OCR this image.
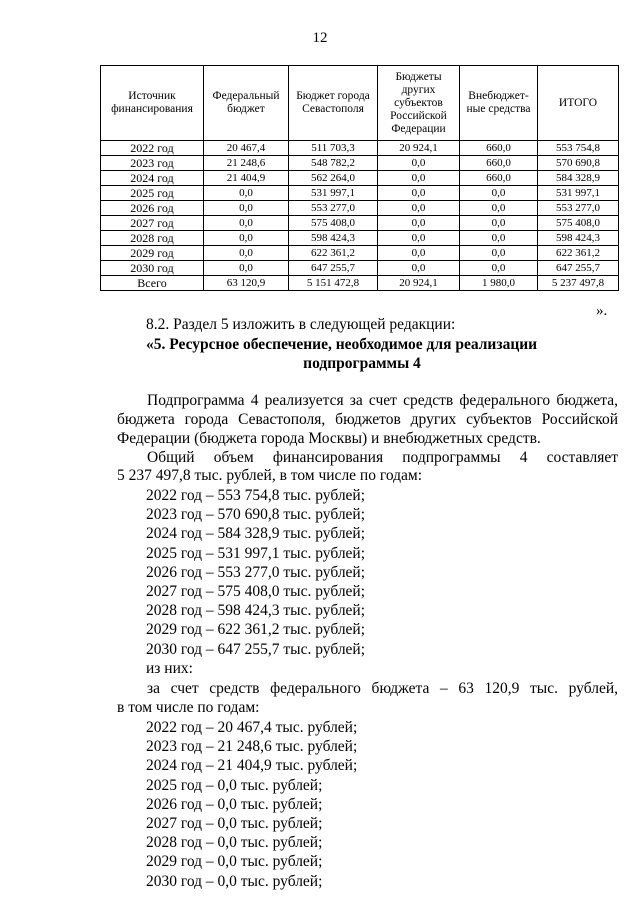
12
Источник финансирования	Федеральный бюджет	Бюджет города Севастополя	Бюджеты других субъектов Российской Федерации	Внебюджет-ные средства	ИТОГО
2022 год	20 467,4	511 703,3	20 924,1	660,0	553 754,8
2023 год	21 248,6	548 782,2	0,0	660,0	570 690,8
2024 год	21 404,9	562 264,0	0,0	660,0	584 328,9
2025 год	0,0	531 997,1	0,0	0,0	531 997,1
2026 год	0,0	553 277,0	0,0	0,0	553 277,0
2027 год	0,0	575 408,0	0,0	0,0	575 408,0
2028 год	0,0	598 424,3	0,0	0,0	598 424,3
2029 год	0,0	622 361,2	0,0	0,0	622 361,2
2030 год	0,0	647 255,7	0,0	0,0	647 255,7
Всего	63 120,9	5 151 472,8	20 924,1	1 980,0	5 237 497,8
».

8.2. Раздел 5 изложить в следующей редакции:

«5. Ресурсное обеспечение, необходимое для реализации
подпрограммы 4

Подпрограмма 4 реализуется за счет средств федерального бюджета, бюджета города Севастополя, бюджетов других субъектов Российской Федерации (бюджета города Москвы) и внебюджетных средств.

Общий объем финансирования подпрограммы 4 составляет

5 237 497,8 тыс. рублей, в том числе по годам:

2022 год – 553 754,8 тыс. рублей;
2023 год – 570 690,8 тыс. рублей;
2024 год – 584 328,9 тыс. рублей;
2025 год – 531 997,1 тыс. рублей;
2026 год – 553 277,0 тыс. рублей;
2027 год – 575 408,0 тыс. рублей;
2028 год – 598 424,3 тыс. рублей;
2029 год – 622 361,2 тыс. рублей;
2030 год – 647 255,7 тыс. рублей;

из них:

за счет средств федерального бюджета – 63 120,9 тыс. рублей,

в том числе по годам:

2022 год – 20 467,4 тыс. рублей;
2023 год – 21 248,6 тыс. рублей;
2024 год – 21 404,9 тыс. рублей;
2025 год – 0,0 тыс. рублей;
2026 год – 0,0 тыс. рублей;
2027 год – 0,0 тыс. рублей;
2028 год – 0,0 тыс. рублей;
2029 год – 0,0 тыс. рублей;
2030 год – 0,0 тыс. рублей;
